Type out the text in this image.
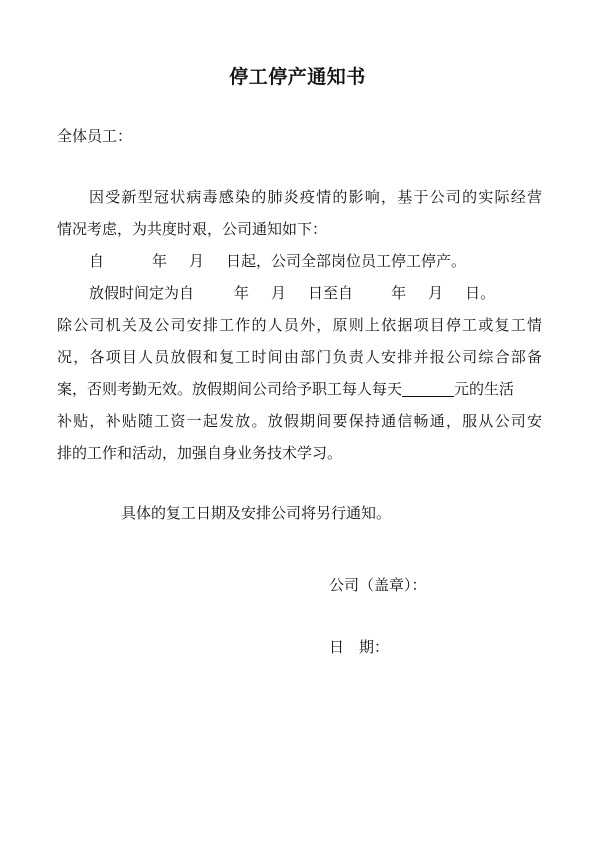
停工停产通知书
全体员工：
因受新型冠状病毒感染的肺炎疫情的影响，基于公司的实际经营
情况考虑，为共度时艰，公司通知如下：
自	年 月 日起，公司全部岗位员工停工停产。
放假时间定为自	年 月 日至自	年 月 日。
除公司机关及公司安排工作的人员外，原则上依据项目停工或复工情
况，各项目人员放假和复工时间由部门负责人安排并报公司综合部备
案，否则考勤无效。放假期间公司给予职工每人每天	元的生活
补贴，补贴随工资一起发放。放假期间要保持通信畅通，服从公司安
排的工作和活动，加强自身业务技术学习。
具体的复工日期及安排公司将另行通知。
公司（盖章）：
日　期：
